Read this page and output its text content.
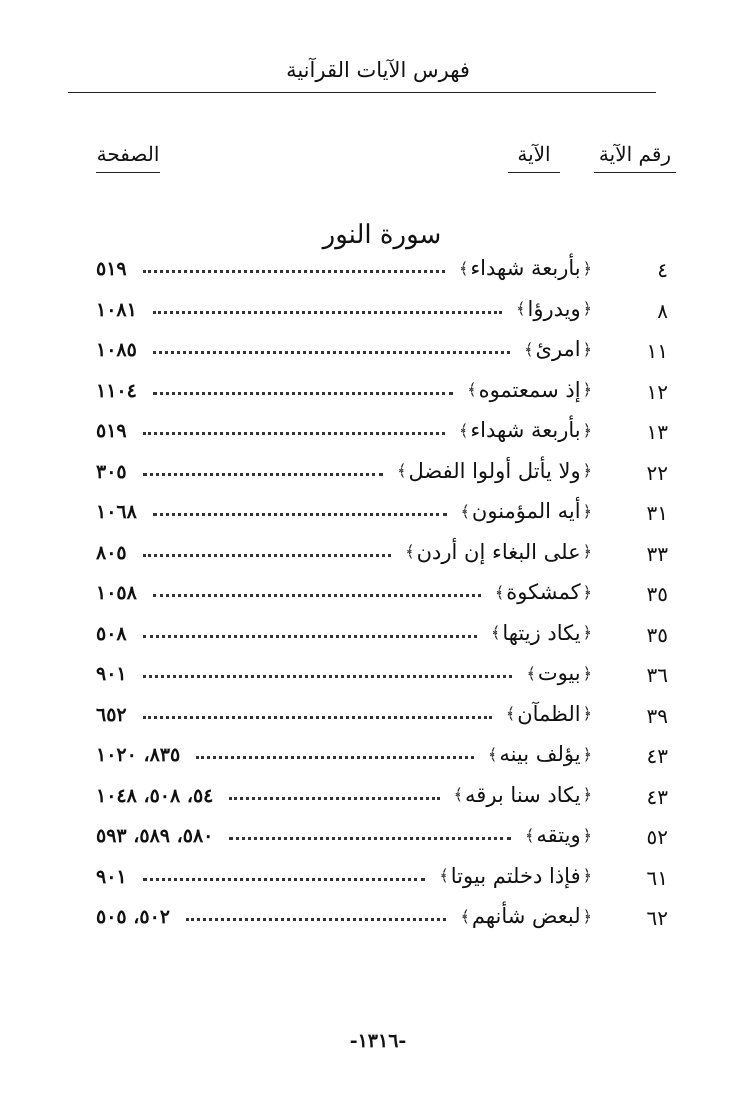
فهرس الآيات القرآنية
رقم الآية
الآية
الصفحة
سورة النور
٤
﴿
بأربعة شهداء
﴾
٥١٩
٨
﴿
ويدرؤا
﴾
١٠٨١
١١
﴿
امرئ
﴾
١٠٨٥
١٢
﴿
إذ سمعتموه
﴾
١١٠٤
١٣
﴿
بأربعة شهداء
﴾
٥١٩
٢٢
﴿
ولا يأتل أولوا الفضل
﴾
٣٠٥
٣١
﴿
أيه المؤمنون
﴾
١٠٦٨
٣٣
﴿
على البغاء إن أردن
﴾
٨٠٥
٣٥
﴿
كمشكوة
﴾
١٠٥٨
٣٥
﴿
يكاد زيتها
﴾
٥٠٨
٣٦
﴿
بيوت
﴾
٩٠١
٣٩
﴿
الظمآن
﴾
٦٥٢
٤٣
﴿
يؤلف بينه
﴾
٨٣٥، ١٠٢٠
٤٣
﴿
يكاد سنا برقه
﴾
٥٤، ٥٠٨، ١٠٤٨
٥٢
﴿
ويتقه
﴾
٥٨٠، ٥٨٩، ٥٩٣
٦١
﴿
فإذا دخلتم بيوتا
﴾
٩٠١
٦٢
﴿
لبعض شأنهم
﴾
٥٠٢، ٥٠٥
-١٣١٦-
